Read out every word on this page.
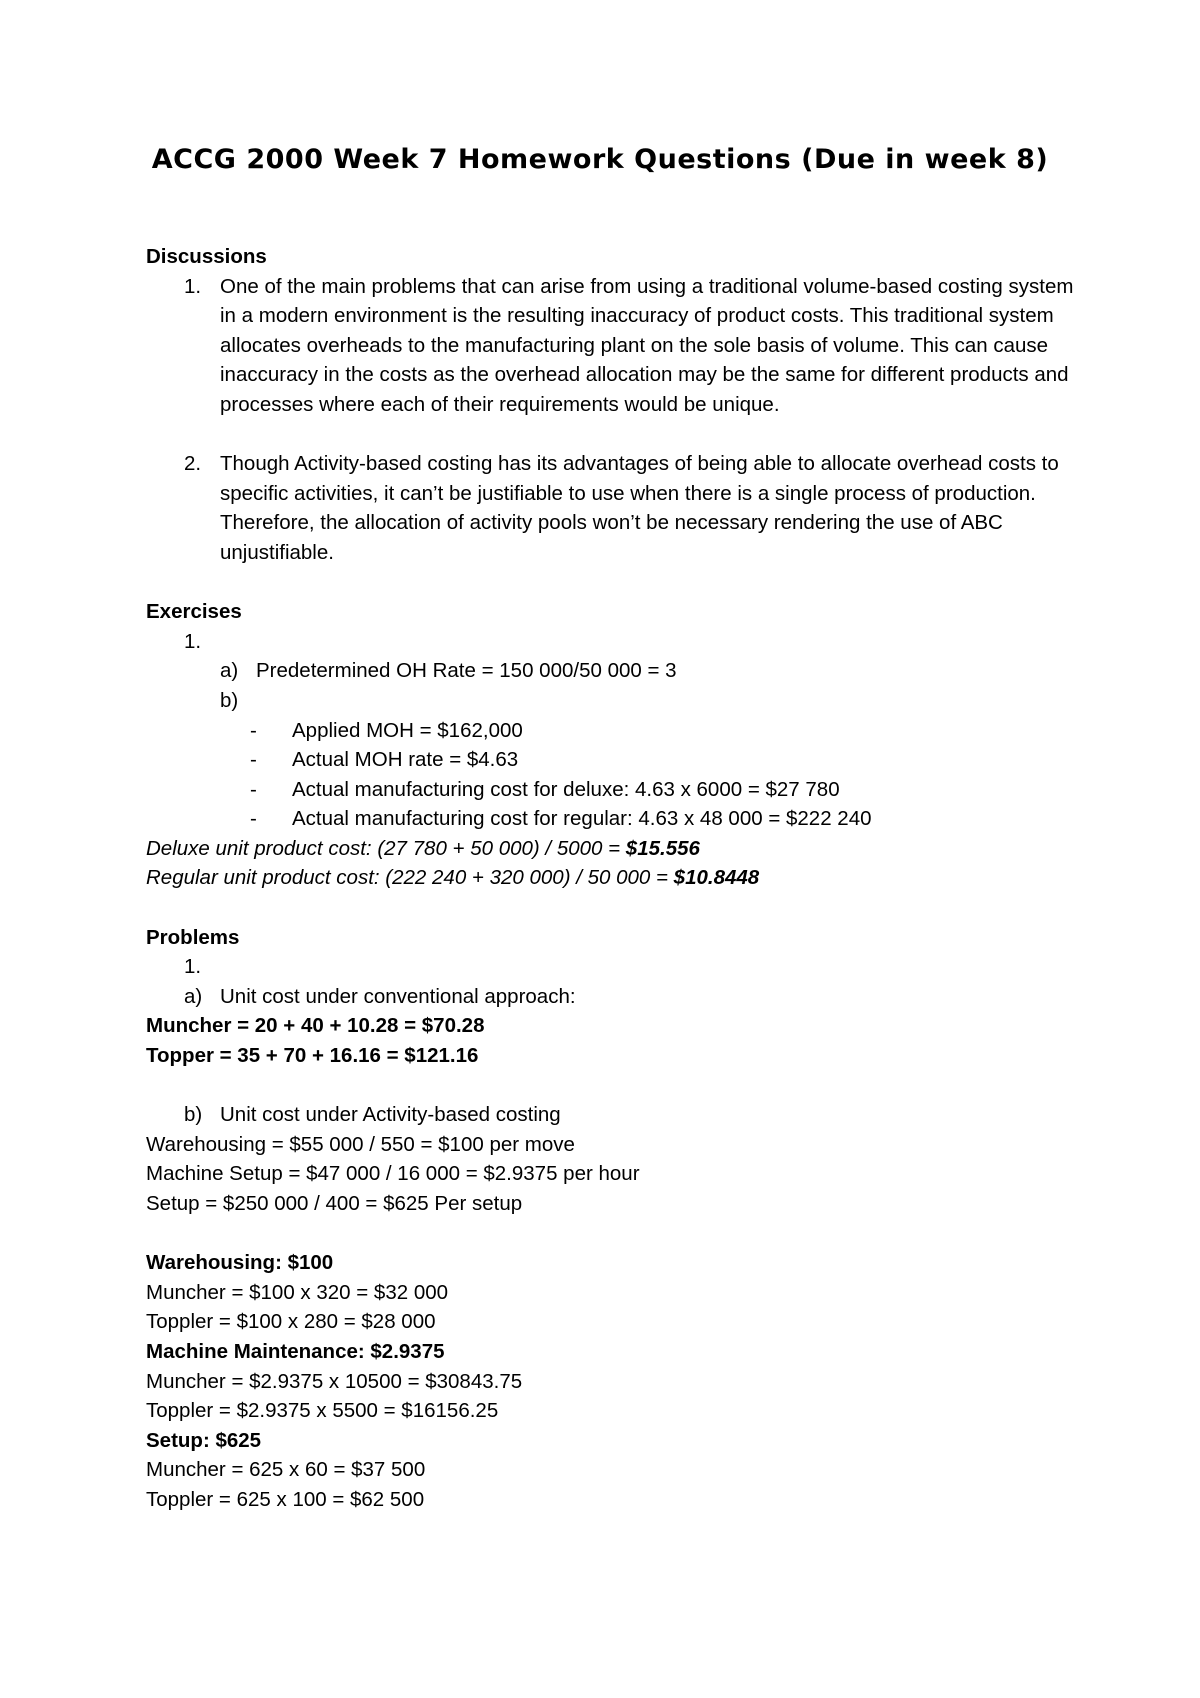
ACCG 2000 Week 7 Homework Questions (Due in week 8)
Discussions
1. One of the main problems that can arise from using a traditional volume-based costing system in a modern environment is the resulting inaccuracy of product costs. This traditional system allocates overheads to the manufacturing plant on the sole basis of volume. This can cause inaccuracy in the costs as the overhead allocation may be the same for different products and processes where each of their requirements would be unique.
2. Though Activity-based costing has its advantages of being able to allocate overhead costs to specific activities, it can’t be justifiable to use when there is a single process of production. Therefore, the allocation of activity pools won’t be necessary rendering the use of ABC unjustifiable.
Exercises
1.
a) Predetermined OH Rate = 150 000/50 000 = 3
b)
- Applied MOH = $162,000
- Actual MOH rate = $4.63
- Actual manufacturing cost for deluxe: 4.63 x 6000 = $27 780
- Actual manufacturing cost for regular: 4.63 x 48 000 = $222 240
Deluxe unit product cost: (27 780 + 50 000) / 5000 = $15.556
Regular unit product cost: (222 240 + 320 000) / 50 000 = $10.8448
Problems
1.
a) Unit cost under conventional approach:
Muncher = 20 + 40 + 10.28 = $70.28
Topper = 35 + 70 + 16.16 = $121.16
b) Unit cost under Activity-based costing
Warehousing = $55 000 / 550 = $100 per move
Machine Setup = $47 000 / 16 000 = $2.9375 per hour
Setup = $250 000 / 400 = $625 Per setup
Warehousing: $100
Muncher = $100 x 320 = $32 000
Toppler = $100 x 280 = $28 000
Machine Maintenance: $2.9375
Muncher = $2.9375 x 10500 = $30843.75
Toppler = $2.9375 x 5500 = $16156.25
Setup: $625
Muncher = 625 x 60 = $37 500
Toppler = 625 x 100 = $62 500
